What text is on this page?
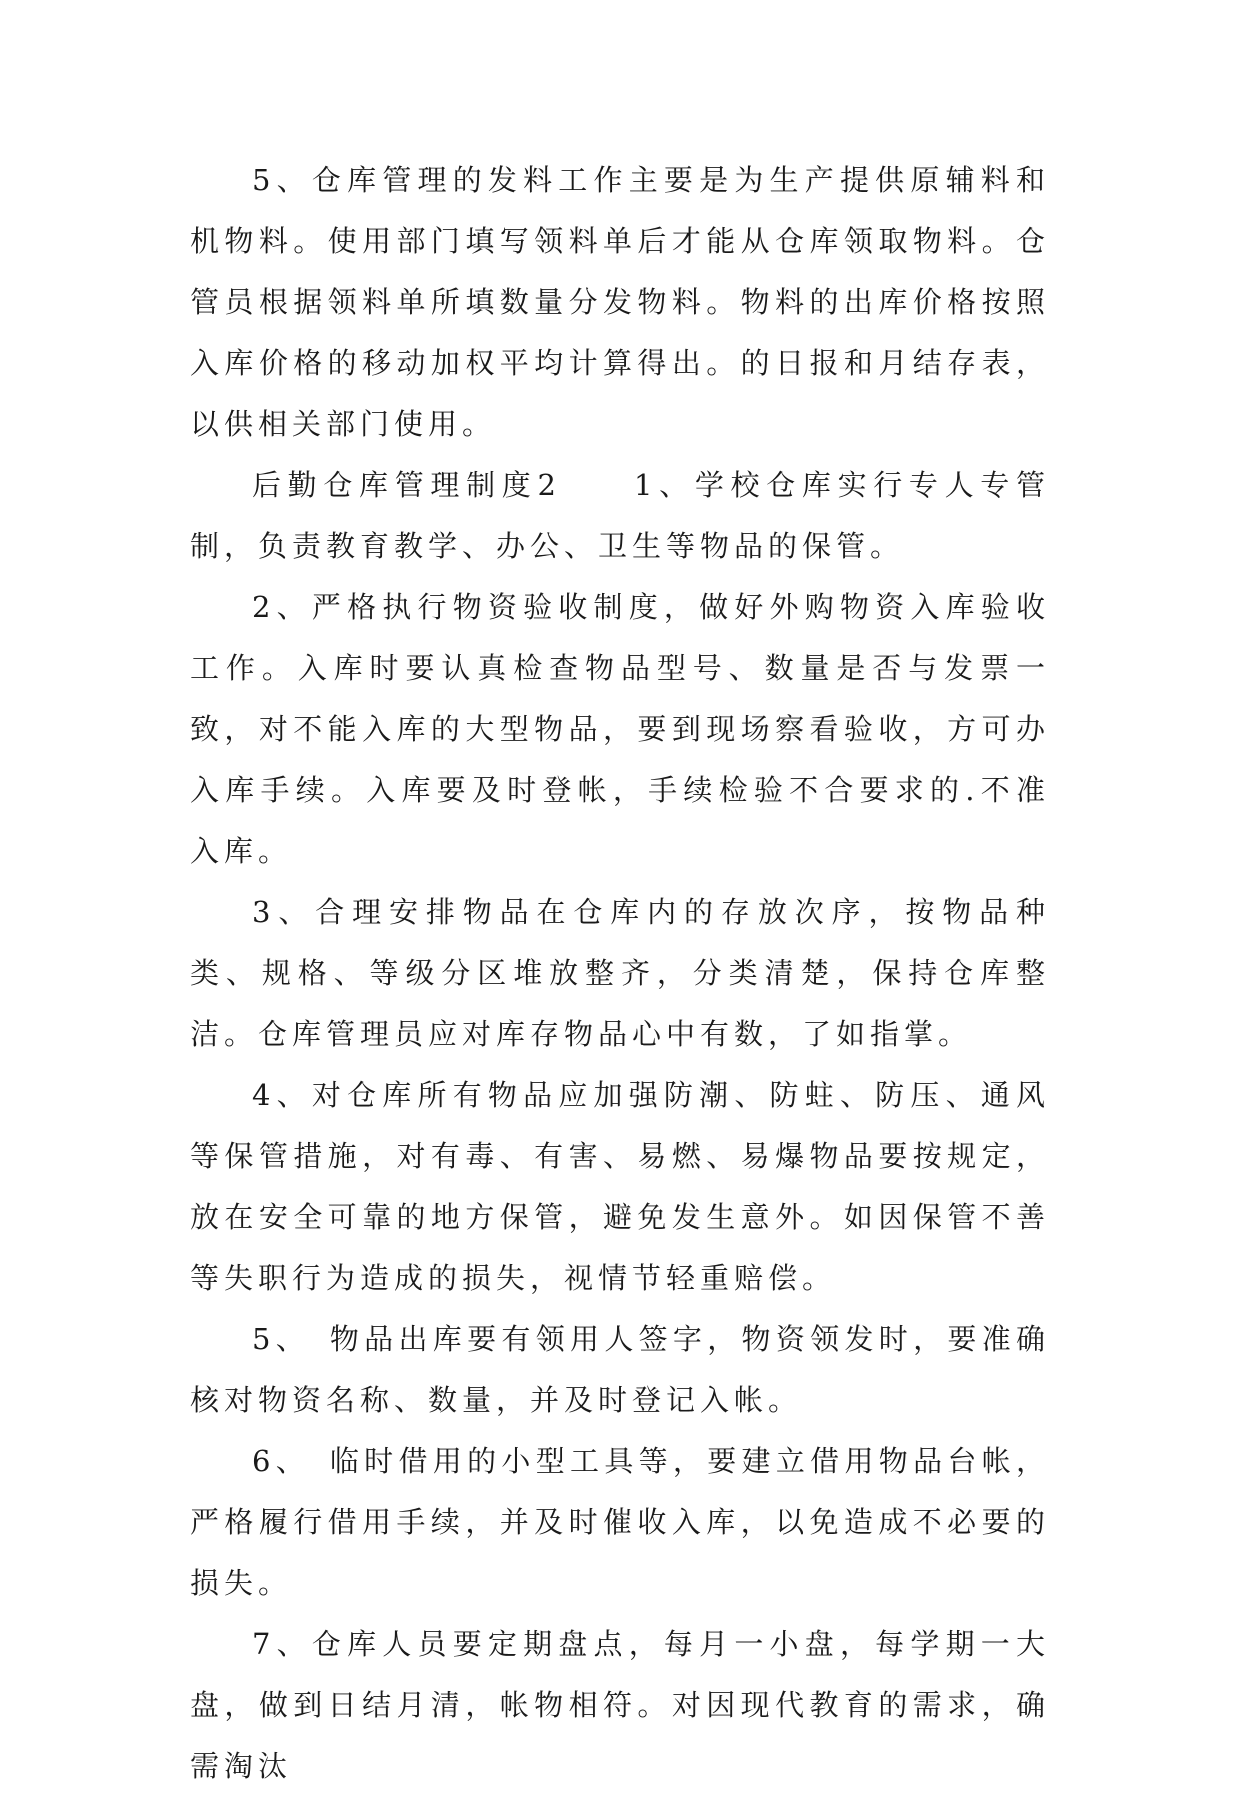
5、仓库管理的发料工作主要是为生产提供原辅料和机物料。使用部门填写领料单后才能从仓库领取物料。仓管员根据领料单所填数量分发物料。物料的出库价格按照入库价格的移动加权平均计算得出。的日报和月结存表，以供相关部门使用。

后勤仓库管理制度2　　1、学校仓库实行专人专管制，负责教育教学、办公、卫生等物品的保管。

2、严格执行物资验收制度，做好外购物资入库验收工作。入库时要认真检查物品型号、数量是否与发票一致，对不能入库的大型物品，要到现场察看验收，方可办入库手续。入库要及时登帐，手续检验不合要求的.不准入库。

3、合理安排物品在仓库内的存放次序，按物品种类、规格、等级分区堆放整齐，分类清楚，保持仓库整洁。仓库管理员应对库存物品心中有数，了如指掌。

4、对仓库所有物品应加强防潮、防蛀、防压、通风等保管措施，对有毒、有害、易燃、易爆物品要按规定，放在安全可靠的地方保管，避免发生意外。如因保管不善等失职行为造成的损失，视情节轻重赔偿。

5、　物品出库要有领用人签字，物资领发时，要准确核对物资名称、数量，并及时登记入帐。

6、　临时借用的小型工具等，要建立借用物品台帐，严格履行借用手续，并及时催收入库，以免造成不必要的损失。

7、仓库人员要定期盘点，每月一小盘，每学期一大盘，做到日结月清，帐物相符。对因现代教育的需求，确需淘汰
